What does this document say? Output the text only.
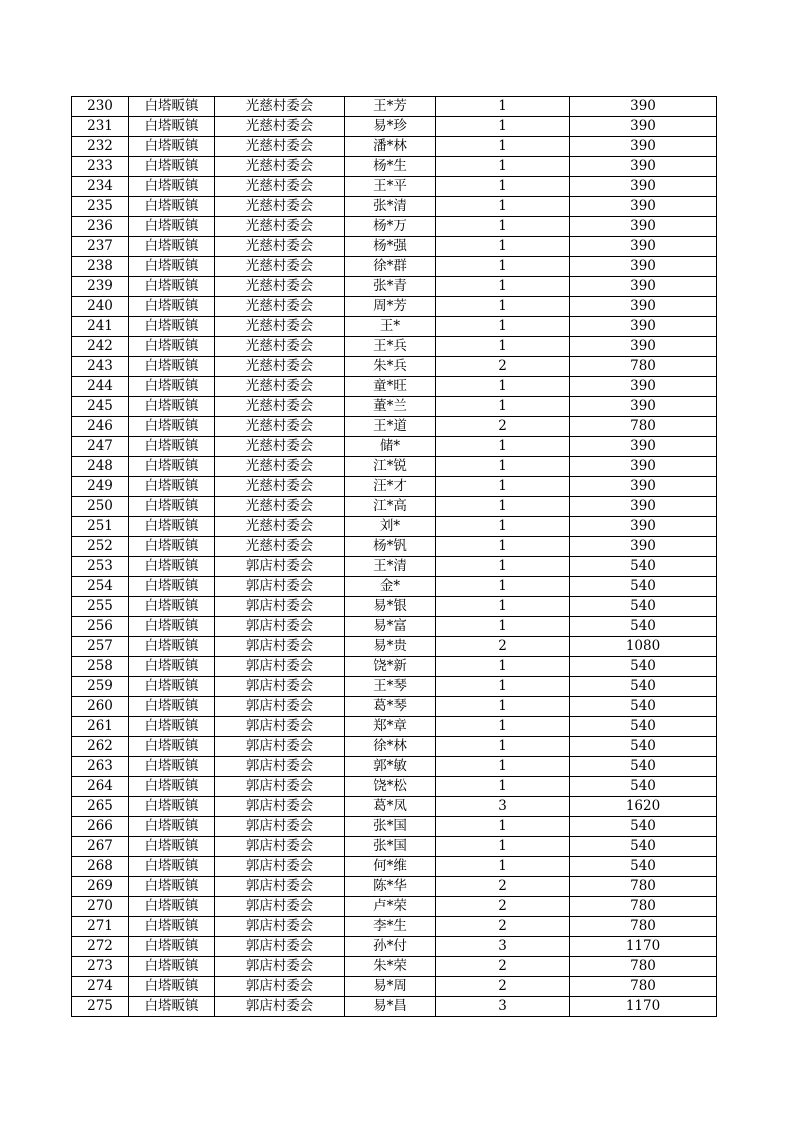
230	白塔畈镇	光慈村委会	王*芳	1	390
231	白塔畈镇	光慈村委会	易*珍	1	390
232	白塔畈镇	光慈村委会	潘*林	1	390
233	白塔畈镇	光慈村委会	杨*生	1	390
234	白塔畈镇	光慈村委会	王*平	1	390
235	白塔畈镇	光慈村委会	张*清	1	390
236	白塔畈镇	光慈村委会	杨*万	1	390
237	白塔畈镇	光慈村委会	杨*强	1	390
238	白塔畈镇	光慈村委会	徐*群	1	390
239	白塔畈镇	光慈村委会	张*青	1	390
240	白塔畈镇	光慈村委会	周*芳	1	390
241	白塔畈镇	光慈村委会	王*	1	390
242	白塔畈镇	光慈村委会	王*兵	1	390
243	白塔畈镇	光慈村委会	朱*兵	2	780
244	白塔畈镇	光慈村委会	童*旺	1	390
245	白塔畈镇	光慈村委会	董*兰	1	390
246	白塔畈镇	光慈村委会	王*道	2	780
247	白塔畈镇	光慈村委会	储*	1	390
248	白塔畈镇	光慈村委会	江*锐	1	390
249	白塔畈镇	光慈村委会	汪*才	1	390
250	白塔畈镇	光慈村委会	江*高	1	390
251	白塔畈镇	光慈村委会	刘*	1	390
252	白塔畈镇	光慈村委会	杨*钒	1	390
253	白塔畈镇	郭店村委会	王*清	1	540
254	白塔畈镇	郭店村委会	金*	1	540
255	白塔畈镇	郭店村委会	易*银	1	540
256	白塔畈镇	郭店村委会	易*富	1	540
257	白塔畈镇	郭店村委会	易*贵	2	1080
258	白塔畈镇	郭店村委会	饶*新	1	540
259	白塔畈镇	郭店村委会	王*琴	1	540
260	白塔畈镇	郭店村委会	葛*琴	1	540
261	白塔畈镇	郭店村委会	郑*章	1	540
262	白塔畈镇	郭店村委会	徐*林	1	540
263	白塔畈镇	郭店村委会	郭*敏	1	540
264	白塔畈镇	郭店村委会	饶*松	1	540
265	白塔畈镇	郭店村委会	葛*凤	3	1620
266	白塔畈镇	郭店村委会	张*国	1	540
267	白塔畈镇	郭店村委会	张*国	1	540
268	白塔畈镇	郭店村委会	何*维	1	540
269	白塔畈镇	郭店村委会	陈*华	2	780
270	白塔畈镇	郭店村委会	卢*荣	2	780
271	白塔畈镇	郭店村委会	李*生	2	780
272	白塔畈镇	郭店村委会	孙*付	3	1170
273	白塔畈镇	郭店村委会	朱*荣	2	780
274	白塔畈镇	郭店村委会	易*周	2	780
275	白塔畈镇	郭店村委会	易*昌	3	1170
